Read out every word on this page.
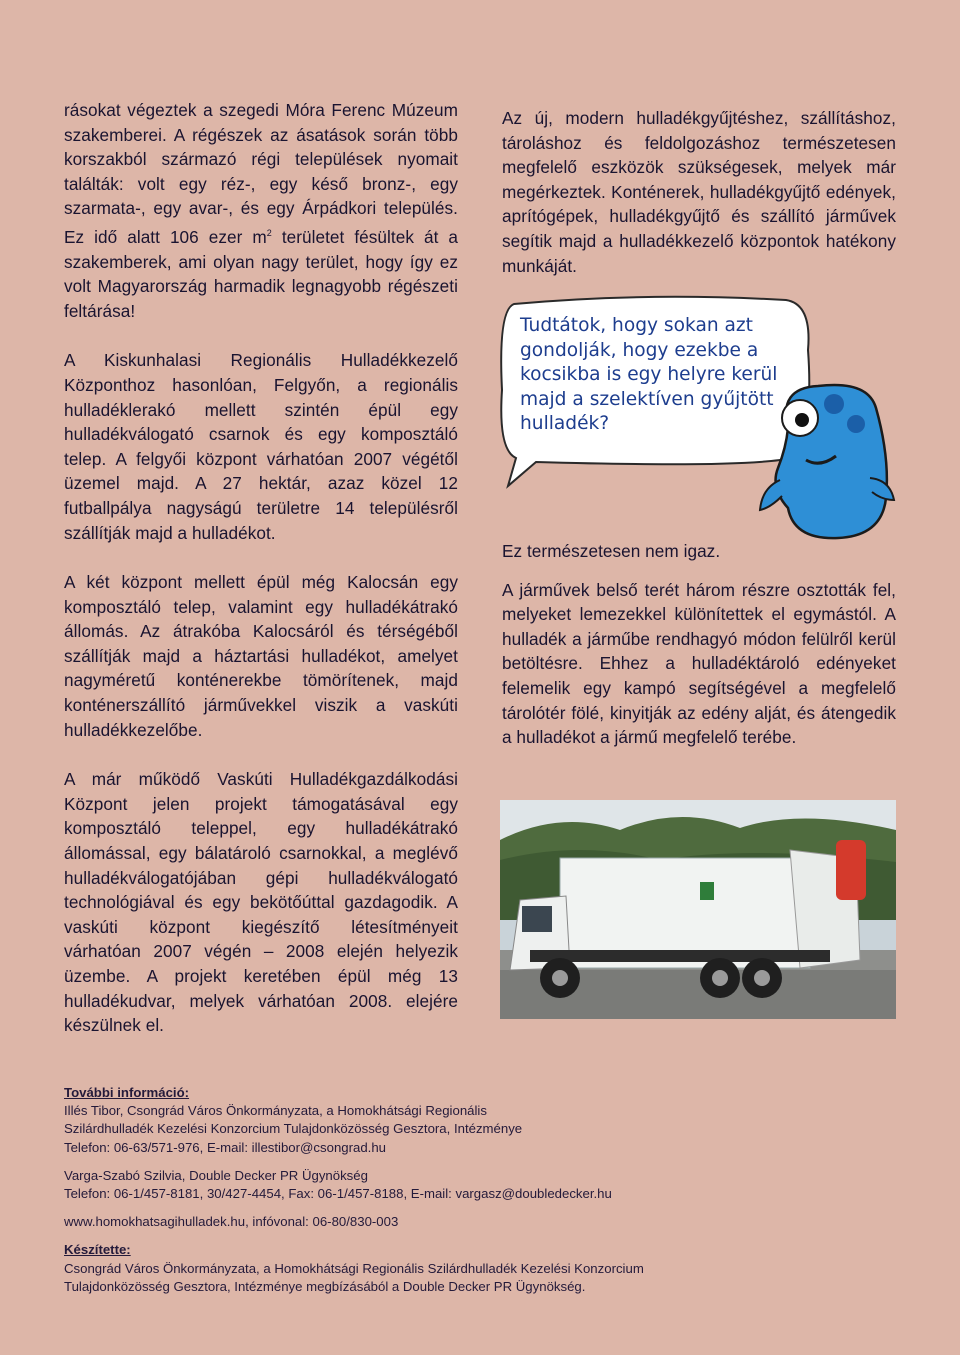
rásokat végeztek a szegedi Móra Ferenc Múzeum szakemberei. A régészek az ásatások során több korszakból származó régi települések nyomait találták: volt egy réz-, egy késő bronz-, egy szarmata-, egy avar-, és egy Árpádkori település. Ez idő alatt 106 ezer $m^2$ területet fésültek át a szakemberek, ami olyan nagy terület, hogy így ez volt Magyarország harmadik legnagyobb régészeti feltárása!

A Kiskunhalasi Regionális Hulladékkezelő Központhoz hasonlóan, Felgyőn, a regionális hulladéklerakó mellett szintén épül egy hulladékválogató csarnok és egy komposztáló telep. A felgyői központ várhatóan 2007 végétől üzemel majd. A 27 hektár, azaz közel 12 futballpálya nagyságú területre 14 településről szállítják majd a hulladékot.

A két központ mellett épül még Kalocsán egy komposztáló telep, valamint egy hulladékátrakó állomás. Az átrakóba Kalocsáról és térségéből szállítják majd a háztartási hulladékot, amelyet nagyméretű konténerekbe tömörítenek, majd konténerszállító járművekkel viszik a vaskúti hulladékkezelőbe.

A már működő Vaskúti Hulladékgazdálkodási Központ jelen projekt támogatásával egy komposztáló teleppel, egy hulladékátrakó állomással, egy bálatároló csarnokkal, a meglévő hulladékválogatójában gépi hulladékválogató technológiával és egy bekötőúttal gazdagodik. A vaskúti központ kiegészítő létesítményeit várhatóan 2007 végén – 2008 elején helyezik üzembe. A projekt keretében épül még 13 hulladékudvar, melyek várhatóan 2008. elejére készülnek el.

Az új, modern hulladékgyűjtéshez, szállításhoz, tároláshoz és feldolgozáshoz természetesen megfelelő eszközök szükségesek, melyek már megérkeztek. Konténerek, hulladékgyűjtő edények, aprítógépek, hulladékgyűjtő és szállító járművek segítik majd a hulladékkezelő központok hatékony munkáját.

Tudtátok, hogy sokan azt gondolják, hogy ezekbe a kocsikba is egy helyre kerül majd a szelektíven gyűjtött hulladék?

Ez természetesen nem igaz.

A járművek belső terét három részre osztották fel, melyeket lemezekkel különítettek el egymástól. A hulladék a járműbe rendhagyó módon felülről kerül betöltésre. Ehhez a hulladéktároló edényeket felemelik egy kampó segítségével a megfelelő tárolótér fölé, kinyitják az edény alját, és átengedik a hulladékot a jármű megfelelő terébe.

További információ:

Illés Tibor, Csongrád Város Önkormányzata, a Homokhátsági Regionális

Szilárdhulladék Kezelési Konzorcium Tulajdonközösség Gesztora, Intézménye

Telefon: 06-63/571-976, E-mail: illestibor@csongrad.hu

Varga-Szabó Szilvia, Double Decker PR Ügynökség

Telefon: 06-1/457-8181, 30/427-4454, Fax: 06-1/457-8188, E-mail: vargasz@doubledecker.hu

www.homokhatsagihulladek.hu, infóvonal: 06-80/830-003

Készítette:

Csongrád Város Önkormányzata, a Homokhátsági Regionális Szilárdhulladék Kezelési Konzorcium

Tulajdonközösség Gesztora, Intézménye megbízásából a Double Decker PR Ügynökség.
